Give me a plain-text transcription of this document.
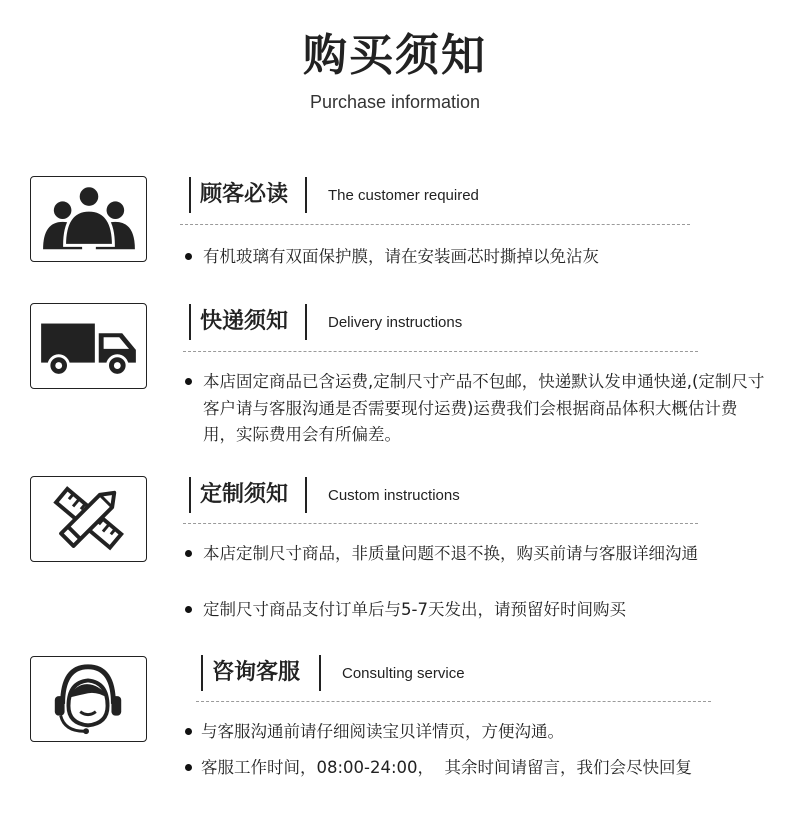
购买须知
Purchase information
顾客必读	The customer required
有机玻璃有双面保护膜，请在安装画芯时撕掉以免沾灰
快递须知	Delivery instructions
本店固定商品已含运费,定制尺寸产品不包邮，快递默认发申通快递,(定制尺寸客户请与客服沟通是否需要现付运费)运费我们会根据商品体积大概估计费用，实际费用会有所偏差。
定制须知	Custom instructions
本店定制尺寸商品，非质量问题不退不换，购买前请与客服详细沟通
定制尺寸商品支付订单后与5-7天发出，请预留好时间购买
咨询客服	Consulting service
与客服沟通前请仔细阅读宝贝详情页，方便沟通。
客服工作时间，08:00-24:00，  其余时间请留言，我们会尽快回复
